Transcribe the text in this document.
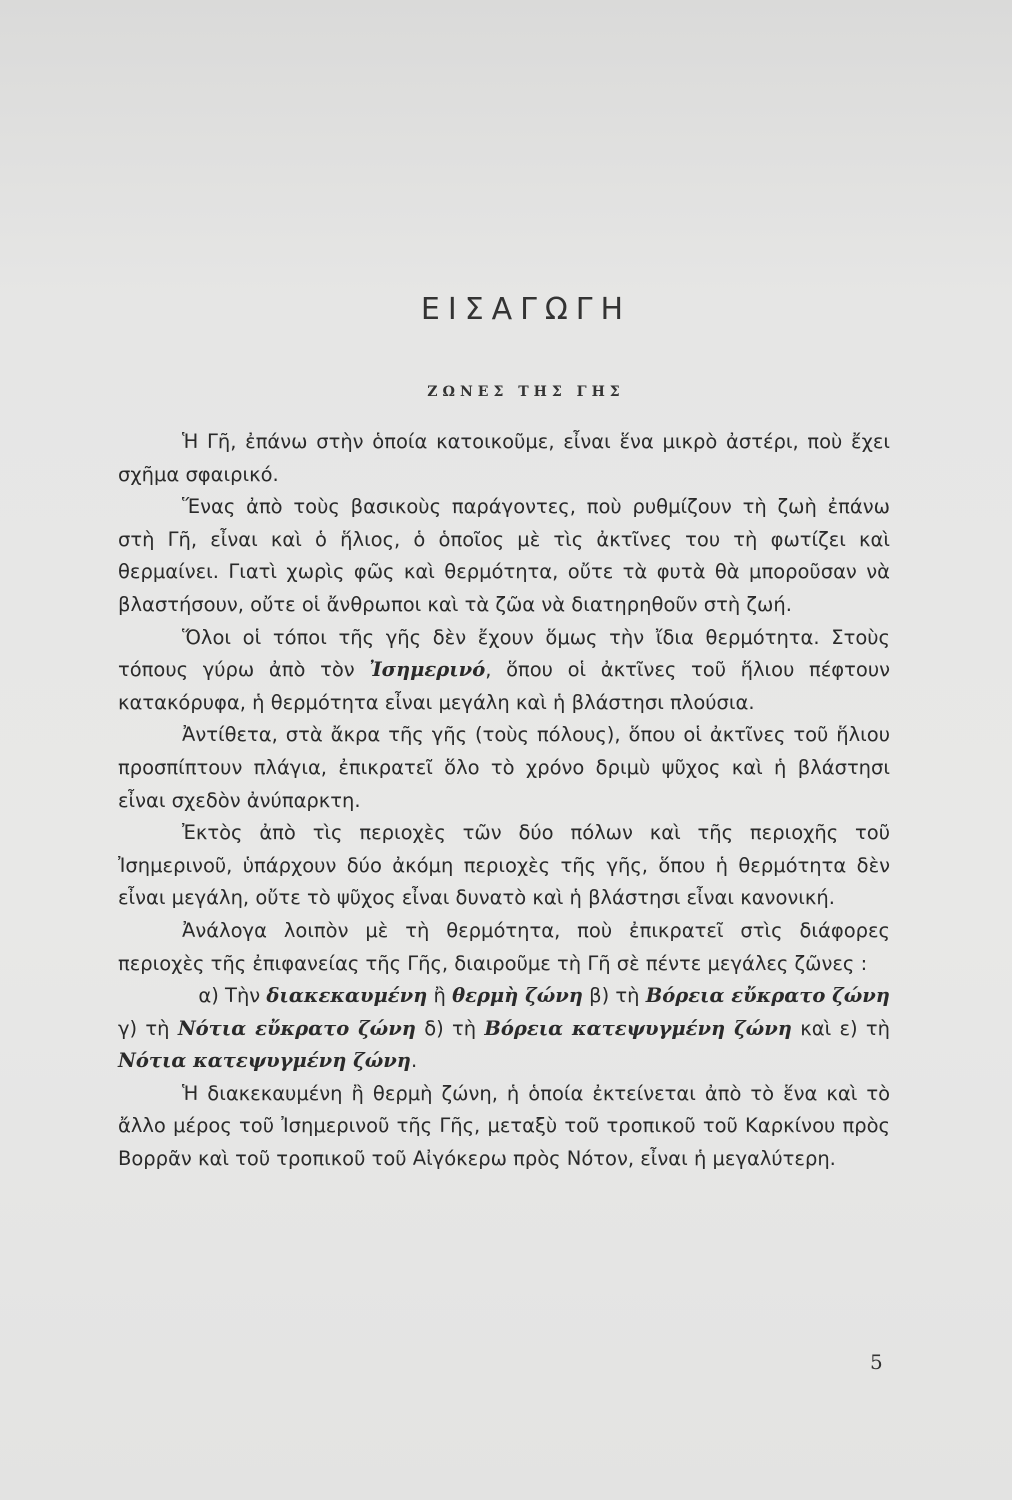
ΕΙΣΑΓΩΓΗ
ΖΩΝΕΣ ΤΗΣ ΓΗΣ

Ἡ Γῆ, ἐπάνω στὴν ὁποία κατοικοῦμε, εἶναι ἕνα μικρὸ ἀστέρι, ποὺ ἔχει σχῆμα σφαιρικό.

Ἕνας ἀπὸ τοὺς βασικοὺς παράγοντες, ποὺ ρυθμίζουν τὴ ζωὴ ἐπάνω στὴ Γῆ, εἶναι καὶ ὁ ἥλιος, ὁ ὁποῖος μὲ τὶς ἀκτῖνες του τὴ φωτίζει καὶ θερμαίνει. Γιατὶ χωρὶς φῶς καὶ θερμότητα, οὔτε τὰ φυτὰ θὰ μποροῦσαν νὰ βλαστήσουν, οὔτε οἱ ἄνθρωποι καὶ τὰ ζῶα νὰ διατηρηθοῦν στὴ ζωή.

Ὅλοι οἱ τόποι τῆς γῆς δὲν ἔχουν ὅμως τὴν ἴδια θερμότητα. Στοὺς τόπους γύρω ἀπὸ τὸν Ἰσημερινό, ὅπου οἱ ἀκτῖνες τοῦ ἥλιου πέφτουν κατακόρυφα, ἡ θερμότητα εἶναι μεγάλη καὶ ἡ βλάστησι πλούσια.

Ἀντίθετα, στὰ ἄκρα τῆς γῆς (τοὺς πόλους), ὅπου οἱ ἀκτῖνες τοῦ ἥλιου προσπίπτουν πλάγια, ἐπικρατεῖ ὅλο τὸ χρόνο δριμὺ ψῦχος καὶ ἡ βλάστησι εἶναι σχεδὸν ἀνύπαρκτη.

Ἐκτὸς ἀπὸ τὶς περιοχὲς τῶν δύο πόλων καὶ τῆς περιοχῆς τοῦ Ἰσημερινοῦ, ὑπάρχουν δύο ἀκόμη περιοχὲς τῆς γῆς, ὅπου ἡ θερμότητα δὲν εἶναι μεγάλη, οὔτε τὸ ψῦχος εἶναι δυνατὸ καὶ ἡ βλάστησι εἶναι κανονική.

Ἀνάλογα λοιπὸν μὲ τὴ θερμότητα, ποὺ ἐπικρατεῖ στὶς διάφορες περιοχὲς τῆς ἐπιφανείας τῆς Γῆς, διαιροῦμε τὴ Γῆ σὲ πέντε μεγάλες ζῶνες :

α) Τὴν διακεκαυμένη ἢ θερμὴ ζώνη β) τὴ Βόρεια εὔκρατο ζώνη
γ) τὴ Νότια εὔκρατο ζώνη δ) τὴ Βόρεια κατεψυγμένη ζώνη καὶ ε) τὴ Νότια κατεψυγμένη ζώνη.

Ἡ διακεκαυμένη ἢ θερμὴ ζώνη, ἡ ὁποία ἐκτείνεται ἀπὸ τὸ ἕνα καὶ τὸ ἄλλο μέρος τοῦ Ἰσημερινοῦ τῆς Γῆς, μεταξὺ τοῦ τροπικοῦ τοῦ Καρκίνου πρὸς Βορρᾶν καὶ τοῦ τροπικοῦ τοῦ Αἰγόκερω πρὸς Νότον, εἶναι ἡ μεγαλύτερη.

5
